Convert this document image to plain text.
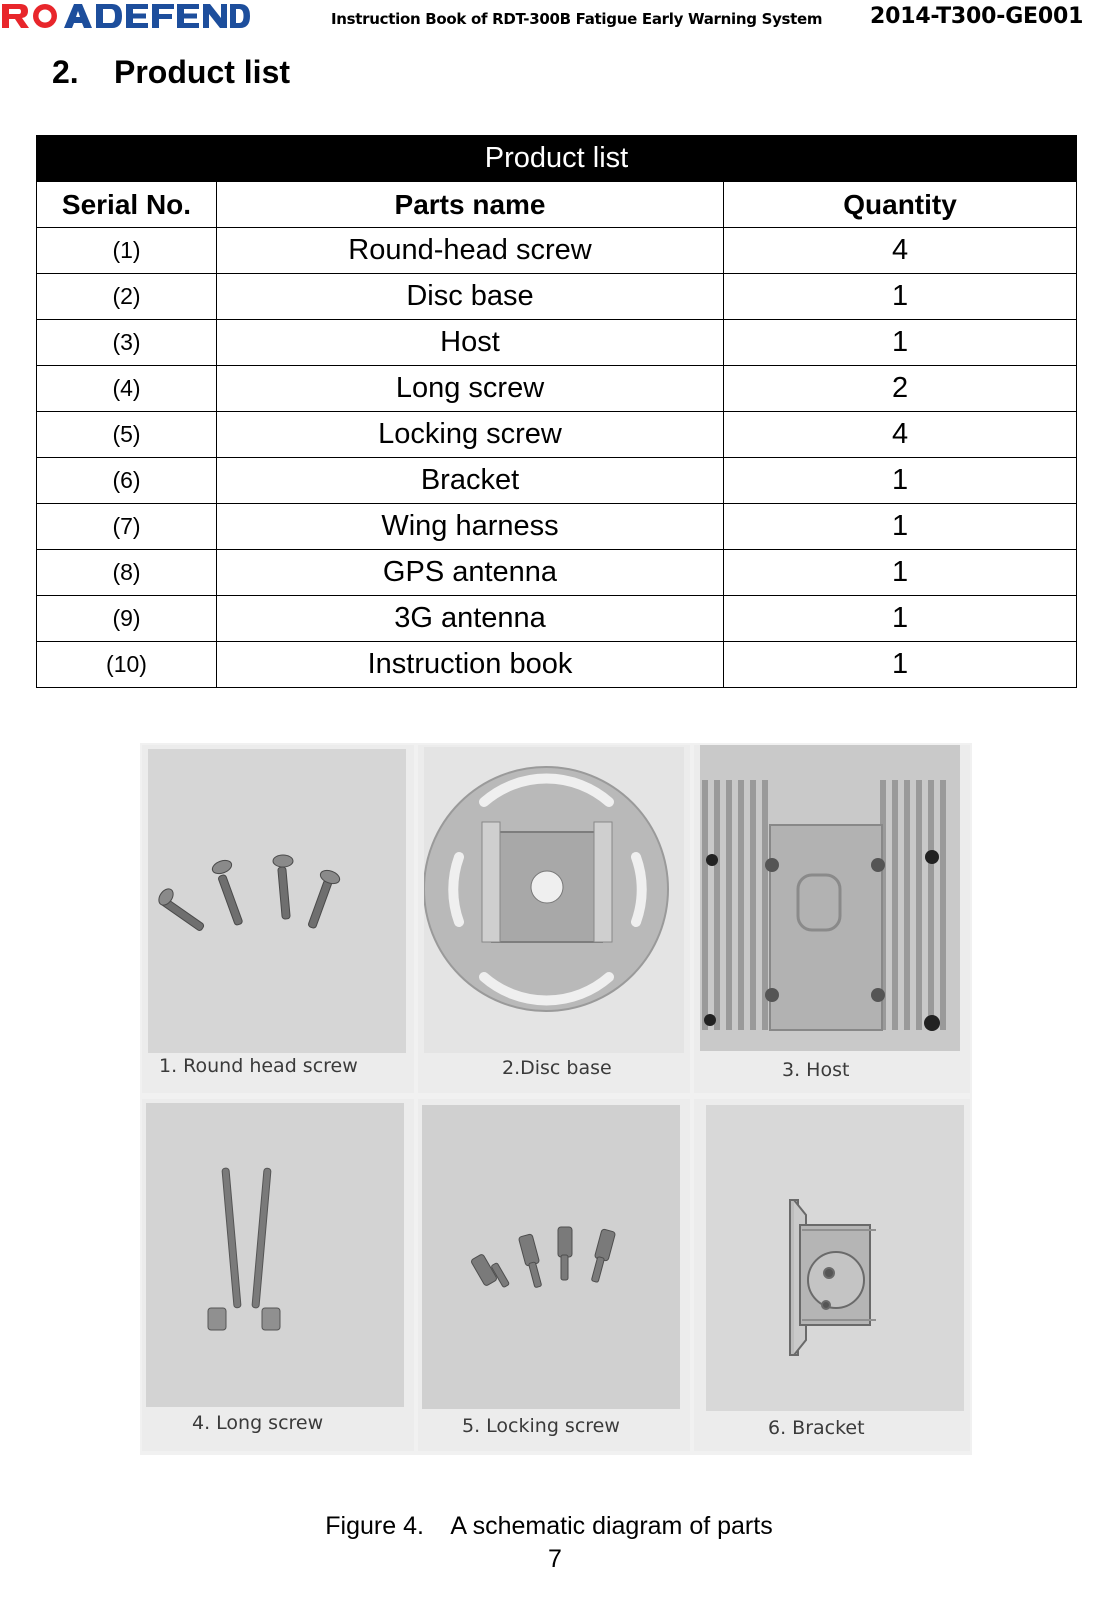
Instruction Book of RDT-300B Fatigue Early Warning System 2014-T300-GE001
2. Product list
Product list		
Serial No.	Parts name	Quantity
(1)	Round-head screw	4
(2)	Disc base	1
(3)	Host	1
(4)	Long screw	2
(5)	Locking screw	4
(6)	Bracket	1
(7)	Wing harness	1
(8)	GPS antenna	1
(9)	3G antenna	1
(10)	Instruction book	1
1. Round head screw	2.Disc base	3. Host
4. Long screw	5. Locking screw	6. Bracket
Figure 4.    A schematic diagram of parts
7
